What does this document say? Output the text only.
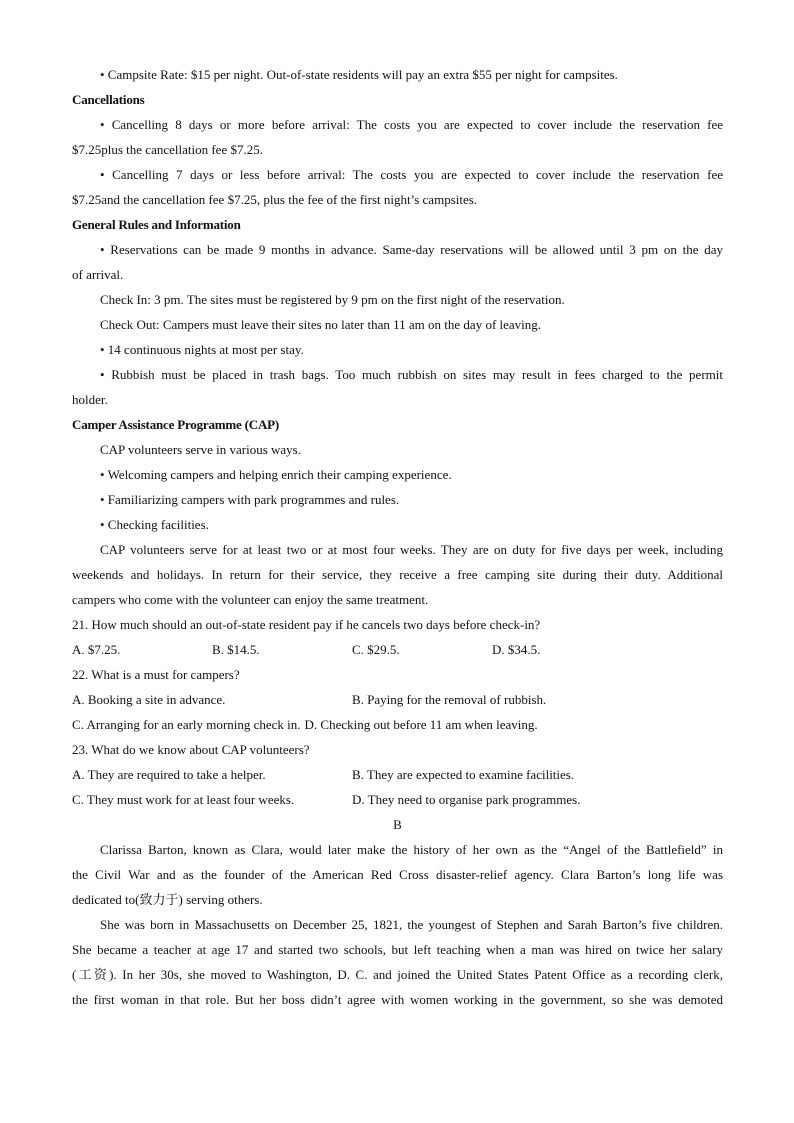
• Campsite Rate: $15 per night. Out-of-state residents will pay an extra $55 per night for campsites.
Cancellations
• Cancelling 8 days or more before arrival: The costs you are expected to cover include the reservation fee
$7.25plus the cancellation fee $7.25.
• Cancelling 7 days or less before arrival: The costs you are expected to cover include the reservation fee
$7.25and the cancellation fee $7.25, plus the fee of the first night’s campsites.
General Rules and Information
• Reservations can be made 9 months in advance. Same-day reservations will be allowed until 3 pm on the day
of arrival.
Check In: 3 pm. The sites must be registered by 9 pm on the first night of the reservation.
Check Out: Campers must leave their sites no later than 11 am on the day of leaving.
• 14 continuous nights at most per stay.
• Rubbish must be placed in trash bags. Too much rubbish on sites may result in fees charged to the permit
holder.
Camper Assistance Programme (CAP)
CAP volunteers serve in various ways.
• Welcoming campers and helping enrich their camping experience.
• Familiarizing campers with park programmes and rules.
• Checking facilities.
CAP volunteers serve for at least two or at most four weeks. They are on duty for five days per week, including
weekends and holidays. In return for their service, they receive a free camping site during their duty. Additional
campers who come with the volunteer can enjoy the same treatment.
21. How much should an out-of-state resident pay if he cancels two days before check-in?
A. $7.25.	B. $14.5.	C. $29.5.	D. $34.5.
22. What is a must for campers?
A. Booking a site in advance.	B. Paying for the removal of rubbish.
C. Arranging for an early morning check in. D. Checking out before 11 am when leaving.
23. What do we know about CAP volunteers?
A. They are required to take a helper.	B. They are expected to examine facilities.
C. They must work for at least four weeks.	D. They need to organise park programmes.
B
Clarissa Barton, known as Clara, would later make the history of her own as the “Angel of the Battlefield” in
the Civil War and as the founder of the American Red Cross disaster-relief agency. Clara Barton’s long life was
dedicated to(致力于) serving others.
She was born in Massachusetts on December 25, 1821, the youngest of Stephen and Sarah Barton’s five children.
She became a teacher at age 17 and started two schools, but left teaching when a man was hired on twice her salary
(工资). In her 30s, she moved to Washington, D. C. and joined the United States Patent Office as a recording clerk,
the first woman in that role. But her boss didn’t agree with women working in the government, so she was demoted
